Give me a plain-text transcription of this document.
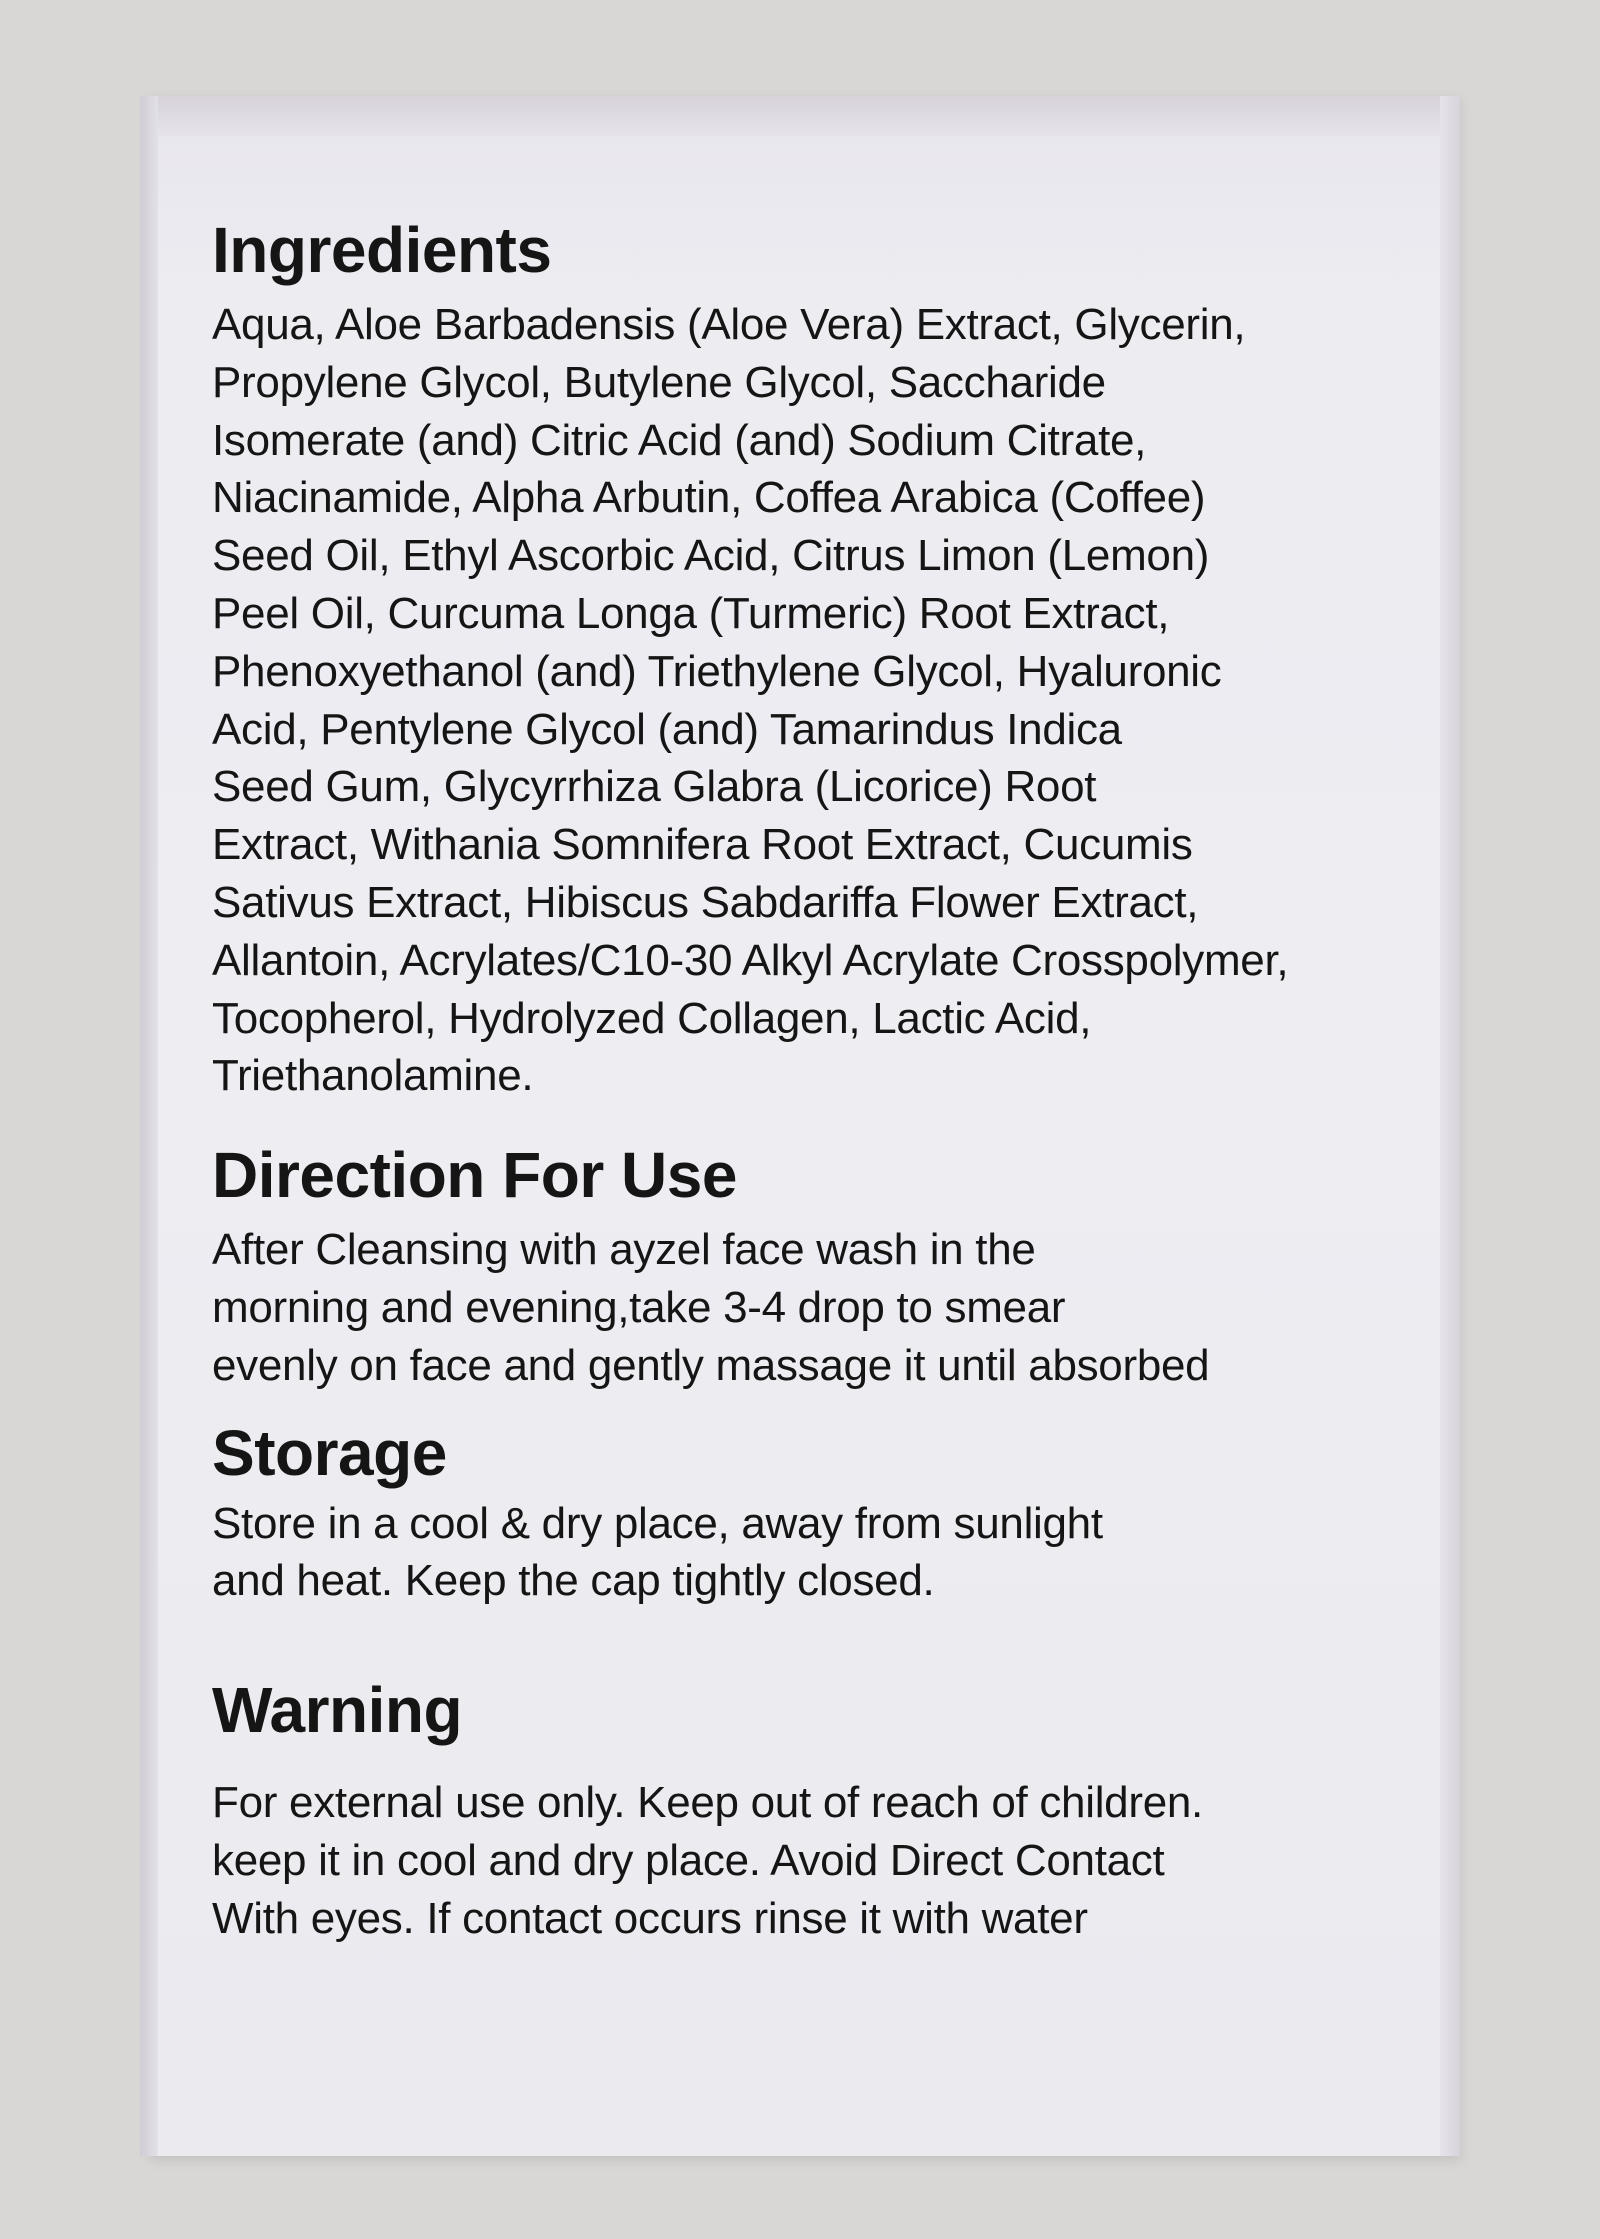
Ingredients

Aqua, Aloe Barbadensis (Aloe Vera) Extract, Glycerin,
Propylene Glycol, Butylene Glycol, Saccharide
Isomerate (and) Citric Acid (and) Sodium Citrate,
Niacinamide, Alpha Arbutin, Coffea Arabica (Coffee)
Seed Oil, Ethyl Ascorbic Acid, Citrus Limon (Lemon)
Peel Oil, Curcuma Longa (Turmeric) Root Extract,
Phenoxyethanol (and) Triethylene Glycol, Hyaluronic
Acid, Pentylene Glycol (and) Tamarindus Indica
Seed Gum, Glycyrrhiza Glabra (Licorice) Root
Extract, Withania Somnifera Root Extract, Cucumis
Sativus Extract, Hibiscus Sabdariffa Flower Extract,
Allantoin, Acrylates/C10-30 Alkyl Acrylate Crosspolymer,
Tocopherol, Hydrolyzed Collagen, Lactic Acid,
Triethanolamine.

Direction For Use

After Cleansing with ayzel face wash in the
morning and evening,take 3-4 drop to smear
evenly on face and gently massage it until absorbed

Storage

Store in a cool & dry place, away from sunlight
and heat. Keep the cap tightly closed.

Warning

For external use only. Keep out of reach of children.
keep it in cool and dry place. Avoid Direct Contact
With eyes. If contact occurs rinse it with water
